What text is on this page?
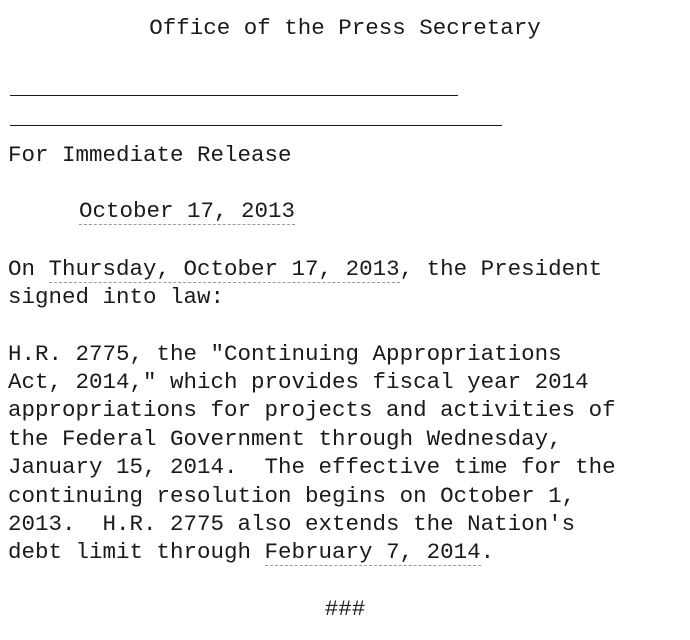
Office of the Press Secretary
For Immediate Release

October 17, 2013

On Thursday, October 17, 2013, the President
signed into law:
H.R. 2775, the "Continuing Appropriations
Act, 2014," which provides fiscal year 2014
appropriations for projects and activities of
the Federal Government through Wednesday,
January 15, 2014.  The effective time for the
continuing resolution begins on October 1,
2013.  H.R. 2775 also extends the Nation's
debt limit through February 7, 2014.
###
